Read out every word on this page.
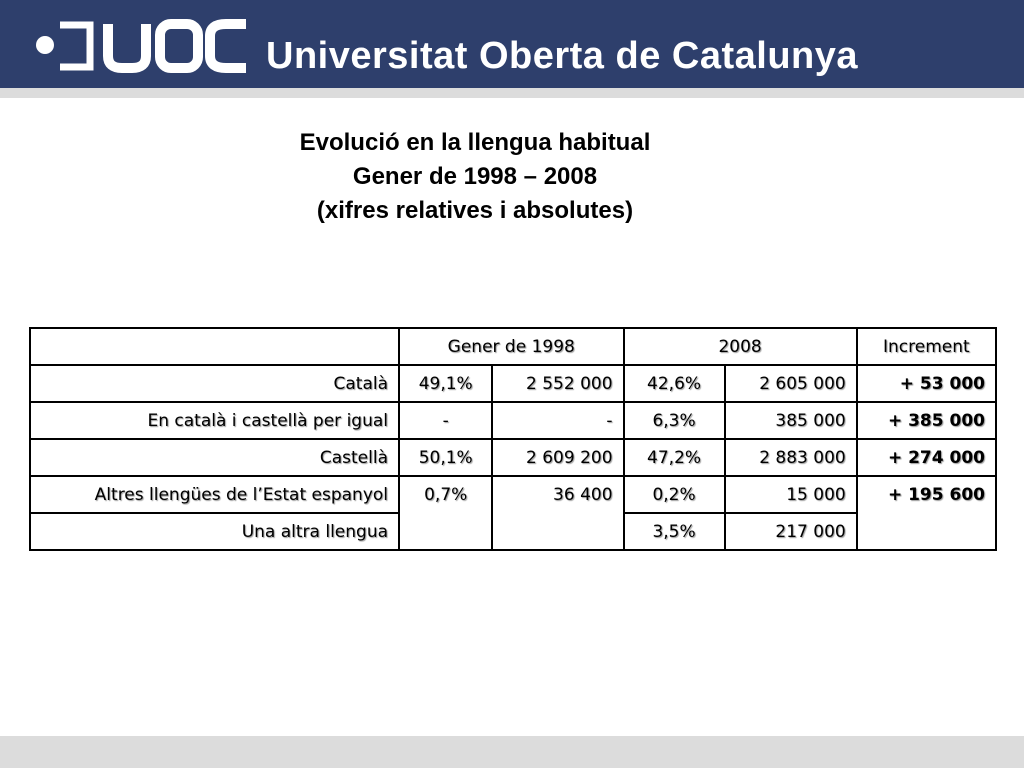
Universitat Oberta de Catalunya
Evolució en la llengua habitual
Gener de 1998 – 2008
(xifres relatives i absolutes)
	Gener de 1998		2008		Increment
Català	49,1%	2 552 000	42,6%	2 605 000	+ 53 000
En català i castellà per igual	-	-	6,3%	385 000	+ 385 000
Castellà	50,1%	2 609 200	47,2%	2 883 000	+ 274 000
Altres llengües de l’Estat espanyol	0,7%	36 400	0,2%	15 000	+ 195 600
Una altra llengua			3,5%	217 000	
